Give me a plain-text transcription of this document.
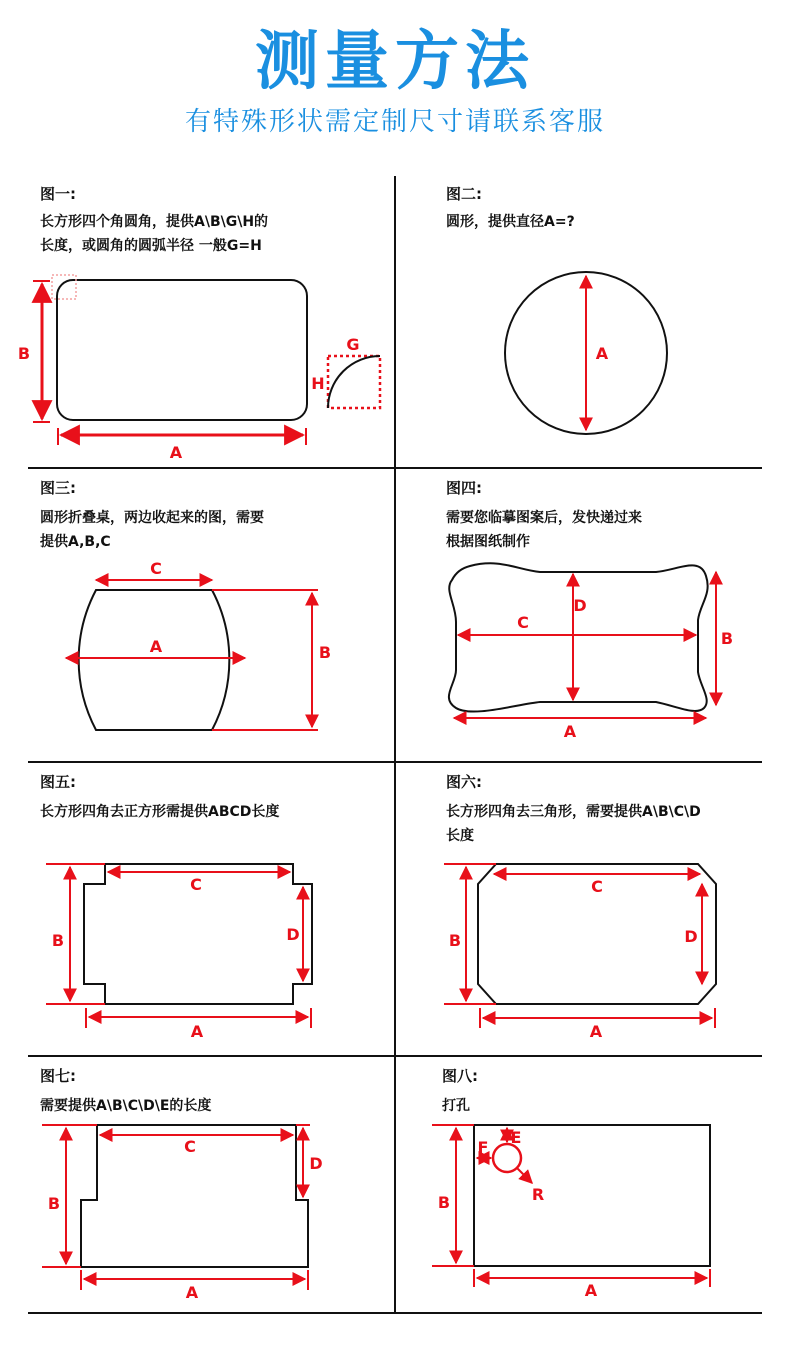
测量方法
有特殊形状需定制尺寸请联系客服
图一:
长方形四个角圆角，提供A\B\G\H的
长度，或圆角的圆弧半径 一般G=H
图二:
圆形，提供直径A=?
图三:
圆形折叠桌，两边收起来的图，需要
提供A,B,C
图四:
需要您临摹图案后，发快递过来
根据图纸制作
图五:
长方形四角去正方形需提供ABCD长度
图六:
长方形四角去三角形，需要提供A\B\C\D
长度
图七:
需要提供A\B\C\D\E的长度
图八:
打孔
B
A
G
H
A
C
A	B
D
C
B
A
B
C
D
A
B
C
D
A
B
C
D
A
B
E
F
R
A
